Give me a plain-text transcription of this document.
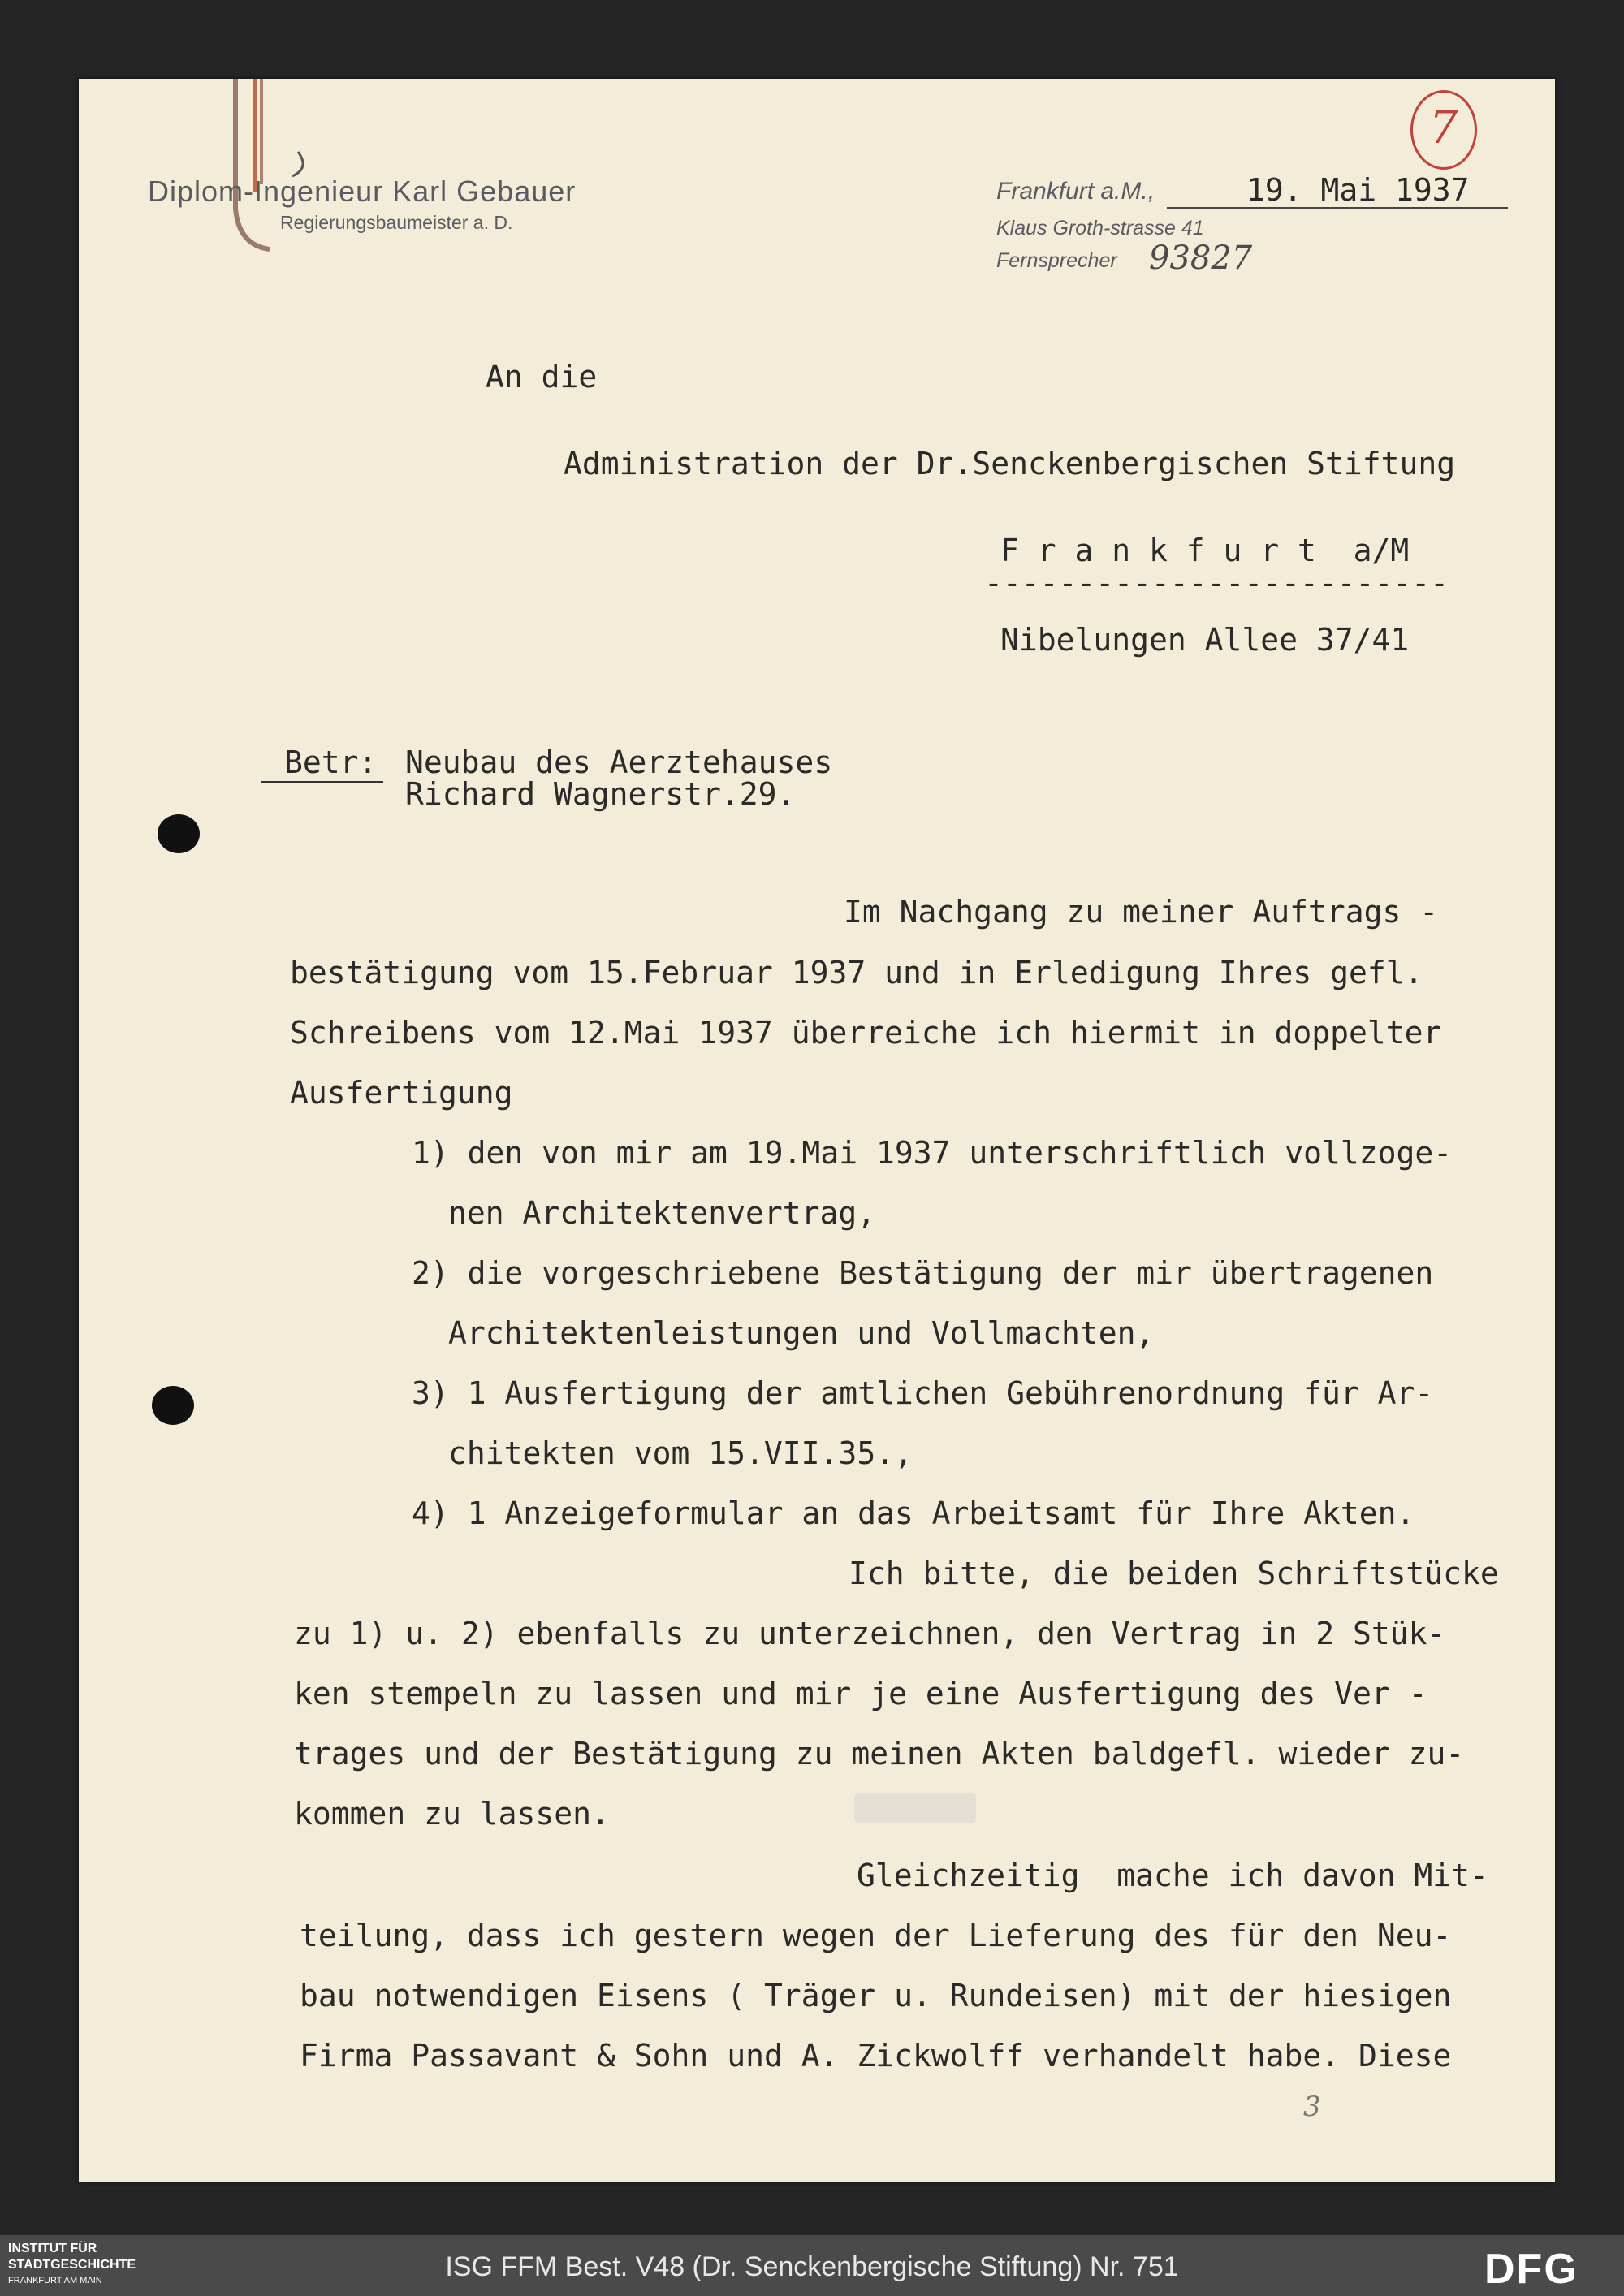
Diplom-Ingenieur Karl Gebauer
Regierungsbaumeister a. D.
Frankfurt a.M.,
Klaus Groth-strasse 41
Fernsprecher 93827
19. Mai 1937
7
An die
Administration der Dr.Senckenbergischen Stiftung
F r a n k f u r t  a/M
-------------------------
Nibelungen Allee 37/41
Betr: Neubau des Aerztehauses
Richard Wagnerstr.29.
Im Nachgang zu meiner Auftrags -
bestätigung vom 15.Februar 1937 und in Erledigung Ihres gefl.
Schreibens vom 12.Mai 1937 überreiche ich hiermit in doppelter
Ausfertigung
1) den von mir am 19.Mai 1937 unterschriftlich vollzoge-
nen Architektenvertrag,
2) die vorgeschriebene Bestätigung der mir übertragenen
Architektenleistungen und Vollmachten,
3) 1 Ausfertigung der amtlichen Gebührenordnung für Ar-
chitekten vom 15.VII.35.,
4) 1 Anzeigeformular an das Arbeitsamt für Ihre Akten.
Ich bitte, die beiden Schriftstücke
zu 1) u. 2) ebenfalls zu unterzeichnen, den Vertrag in 2 Stük-
ken stempeln zu lassen und mir je eine Ausfertigung des Ver -
trages und der Bestätigung zu meinen Akten baldgefl. wieder zu-
kommen zu lassen.
Gleichzeitig  mache ich davon Mit-
teilung, dass ich gestern wegen der Lieferung des für den Neu-
bau notwendigen Eisens ( Träger u. Rundeisen) mit der hiesigen
Firma Passavant & Sohn und A. Zickwolff verhandelt habe. Diese
3
INSTITUT FÜR
STADTGESCHICHTE
FRANKFURT AM MAIN	ISG FFM Best. V48 (Dr. Senckenbergische Stiftung) Nr. 751	DFG
